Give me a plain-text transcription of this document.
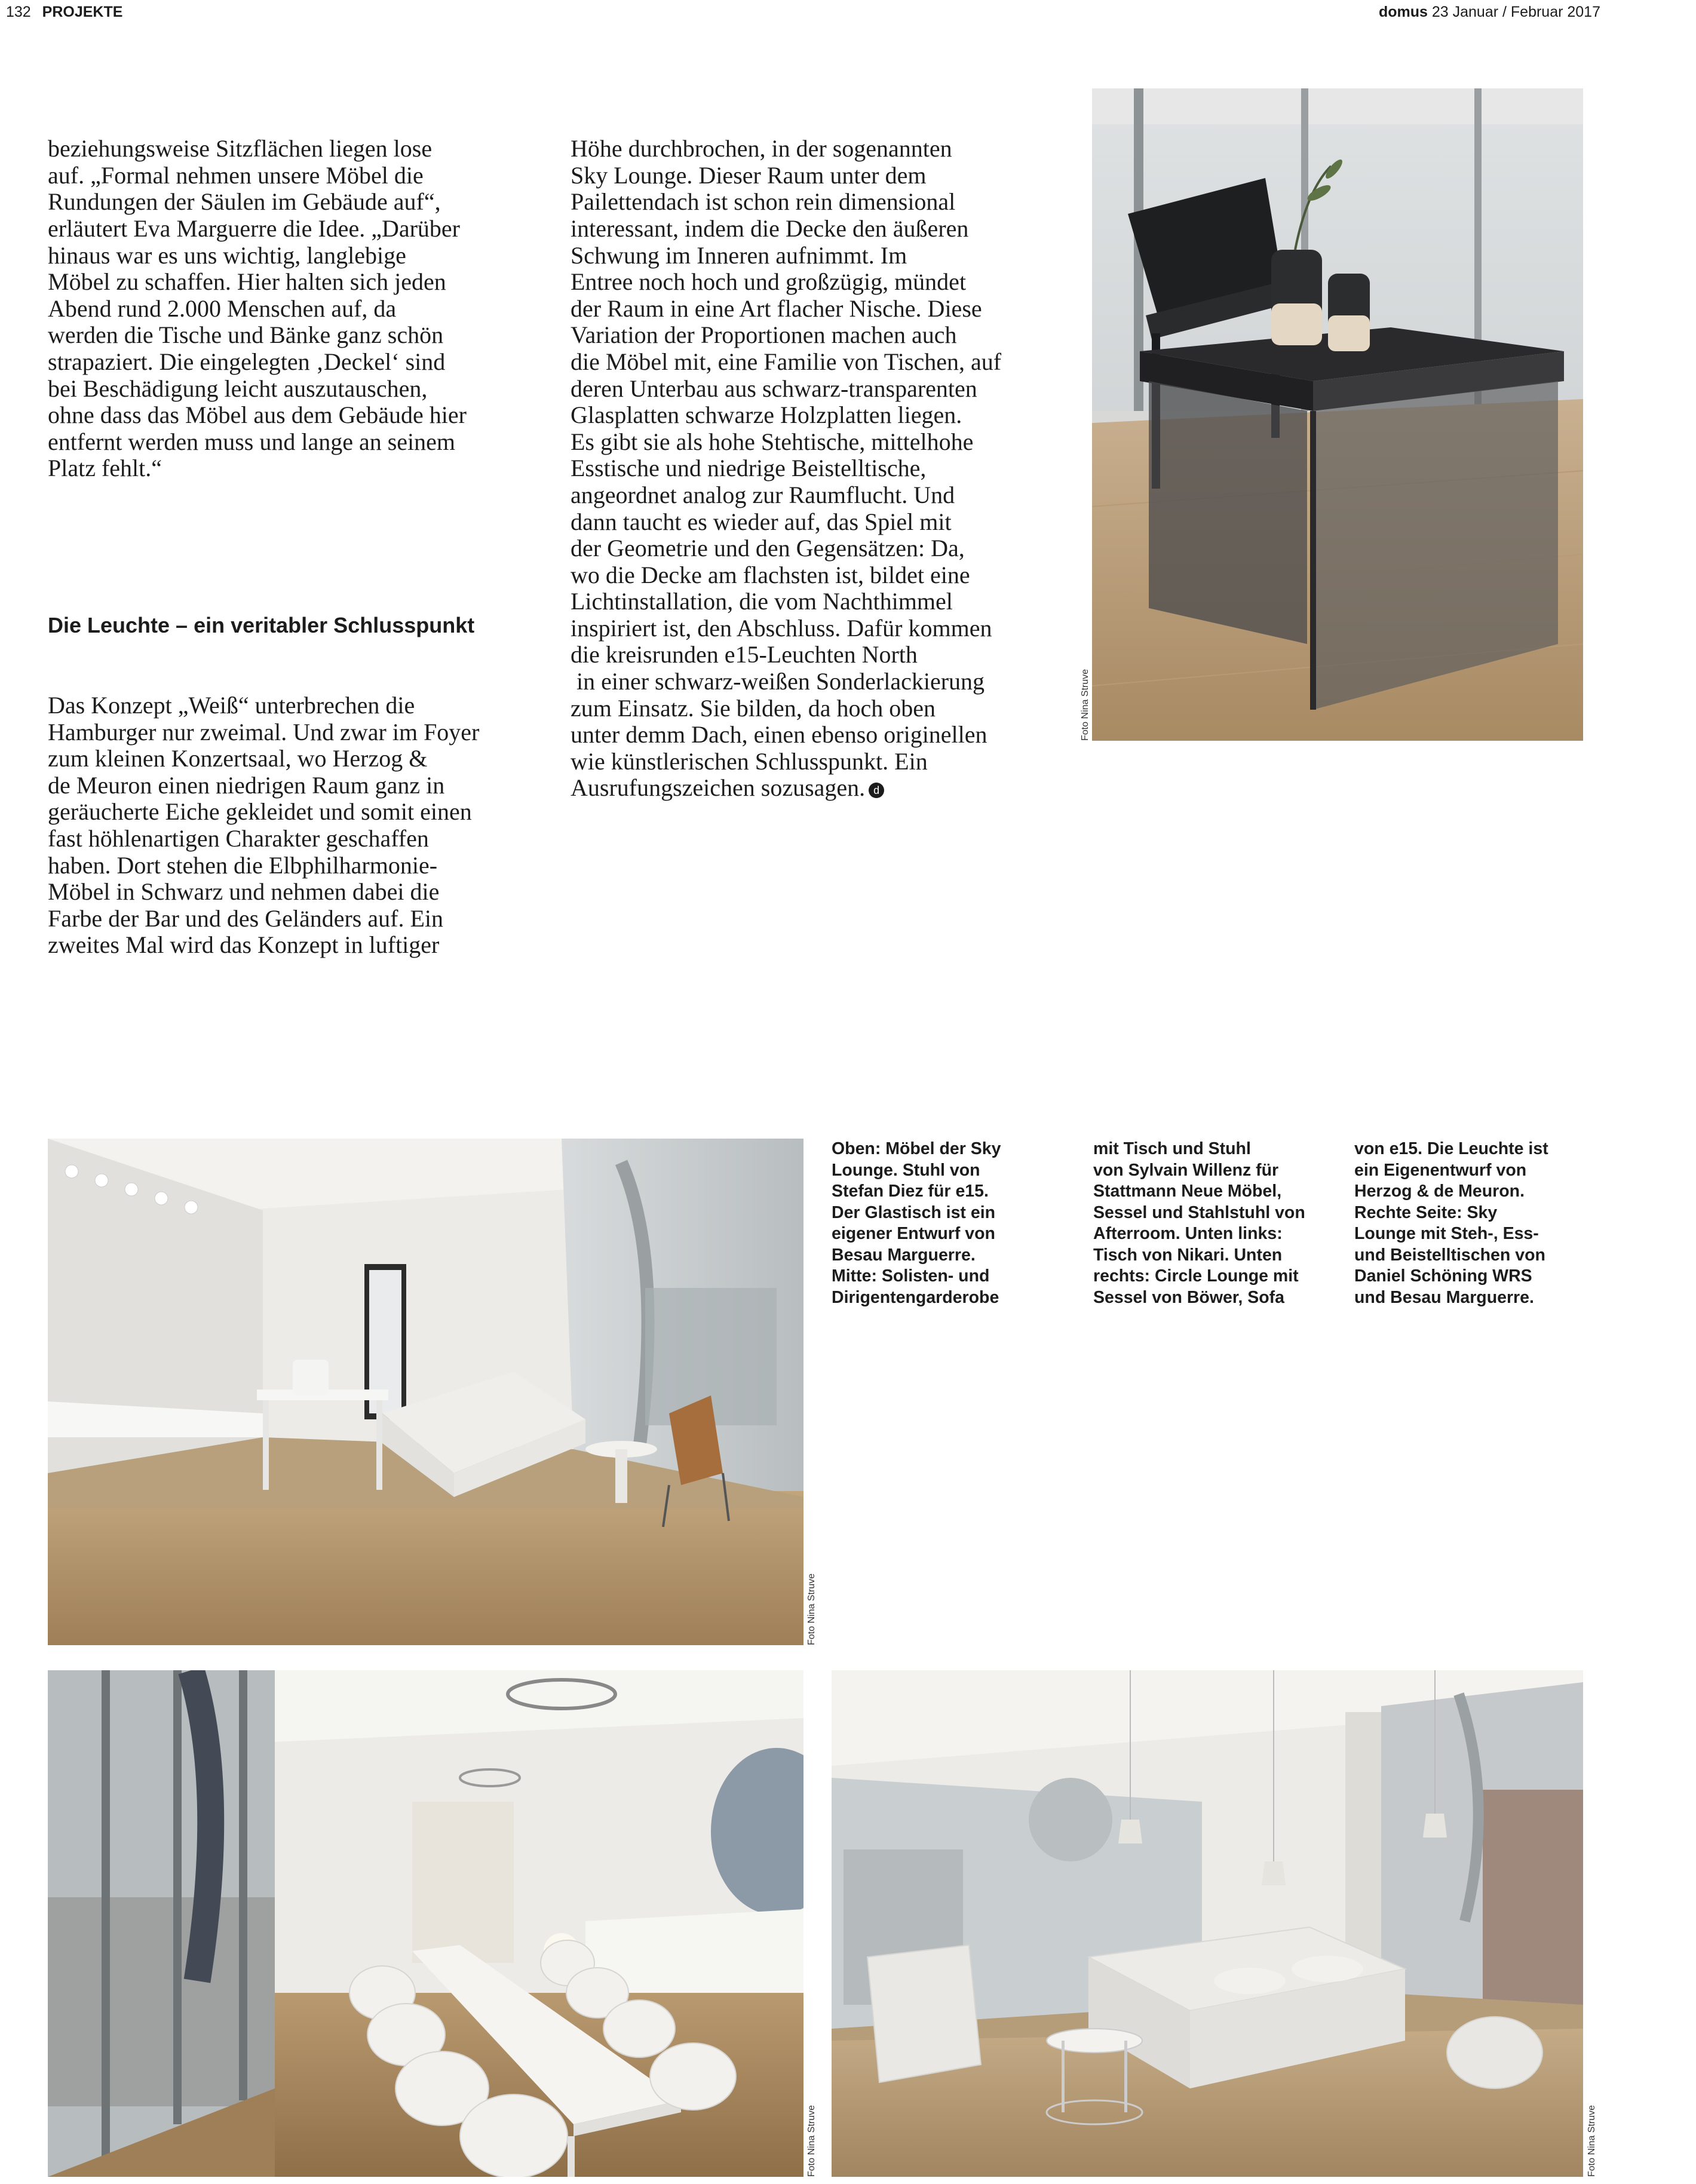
132 PROJEKTE	domus 23 Januar / Februar 2017

beziehungsweise Sitzflächen liegen lose
auf. „Formal nehmen unsere Möbel die
Rundungen der Säulen im Gebäude auf“,
erläutert Eva Marguerre die Idee. „Darüber
hinaus war es uns wichtig, langlebige
Möbel zu schaffen. Hier halten sich jeden
Abend rund 2.000 Menschen auf, da
werden die Tische und Bänke ganz schön
strapaziert. Die eingelegten ‚Deckel‘ sind
bei Beschädigung leicht auszutauschen,
ohne dass das Möbel aus dem Gebäude hier
entfernt werden muss und lange an seinem
Platz fehlt.“

Die Leuchte – ein veritabler Schlusspunkt

Das Konzept „Weiß“ unterbrechen die
Hamburger nur zweimal. Und zwar im Foyer
zum kleinen Konzertsaal, wo Herzog &
de Meuron einen niedrigen Raum ganz in
geräucherte Eiche gekleidet und somit einen
fast höhlenartigen Charakter geschaffen
haben. Dort stehen die Elbphilharmonie-
Möbel in Schwarz und nehmen dabei die
Farbe der Bar und des Geländers auf. Ein
zweites Mal wird das Konzept in luftiger

Höhe durchbrochen, in der sogenannten
Sky Lounge. Dieser Raum unter dem
Pailettendach ist schon rein dimensional
interessant, indem die Decke den äußeren
Schwung im Inneren aufnimmt. Im
Entree noch hoch und großzügig, mündet
der Raum in eine Art flacher Nische. Diese
Variation der Proportionen machen auch
die Möbel mit, eine Familie von Tischen, auf
deren Unterbau aus schwarz-transparenten
Glasplatten schwarze Holzplatten liegen.
Es gibt sie als hohe Stehtische, mittelhohe
Esstische und niedrige Beistelltische,
angeordnet analog zur Raumflucht. Und
dann taucht es wieder auf, das Spiel mit
der Geometrie und den Gegensätzen: Da,
wo die Decke am flachsten ist, bildet eine
Lichtinstallation, die vom Nachthimmel
inspiriert ist, den Abschluss. Dafür kommen
die kreisrunden e15-Leuchten North
in einer schwarz-weißen Sonderlackierung
zum Einsatz. Sie bilden, da hoch oben
unter demm Dach, einen ebenso originellen
wie künstlerischen Schlusspunkt. Ein
Ausrufungszeichen sozusagen. d

Foto Nina Struve
Foto Nina Struve
Foto Nina Struve	Foto Nina Struve
Oben: Möbel der Sky
Lounge. Stuhl von
Stefan Diez für e15.
Der Glastisch ist ein
eigener Entwurf von
Besau Marguerre.
Mitte: Solisten- und
Dirigentengarderobe
mit Tisch und Stuhl
von Sylvain Willenz für
Stattmann Neue Möbel,
Sessel und Stahlstuhl von
Afterroom. Unten links:
Tisch von Nikari. Unten
rechts: Circle Lounge mit
Sessel von Böwer, Sofa
von e15. Die Leuchte ist
ein Eigenentwurf von
Herzog & de Meuron.
Rechte Seite: Sky
Lounge mit Steh-, Ess-
und Beistelltischen von
Daniel Schöning WRS
und Besau Marguerre.
